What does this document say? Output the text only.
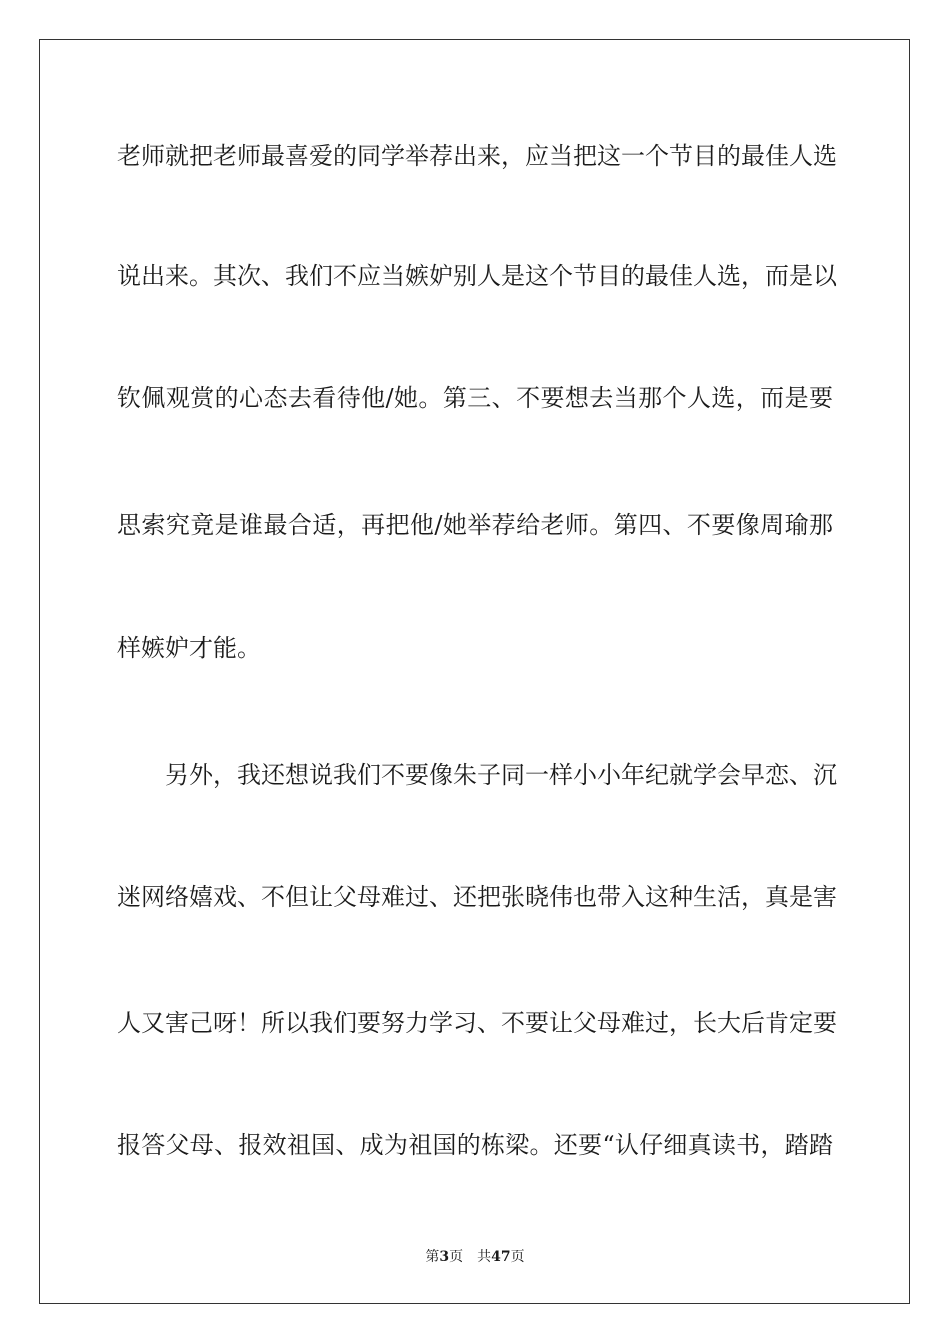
老师就把老师最喜爱的同学举荐出来，应当把这一个节目的最佳人选
说出来。其次、我们不应当嫉妒别人是这个节目的最佳人选，而是以
钦佩观赏的心态去看待他/她。第三、不要想去当那个人选，而是要
思索究竟是谁最合适，再把他/她举荐给老师。第四、不要像周瑜那
样嫉妒才能。
另外，我还想说我们不要像朱子同一样小小年纪就学会早恋、沉
迷网络嬉戏、不但让父母难过、还把张晓伟也带入这种生活，真是害
人又害己呀！所以我们要努力学习、不要让父母难过，长大后肯定要
报答父母、报效祖国、成为祖国的栋梁。还要“认仔细真读书，踏踏
第3页 共47页
